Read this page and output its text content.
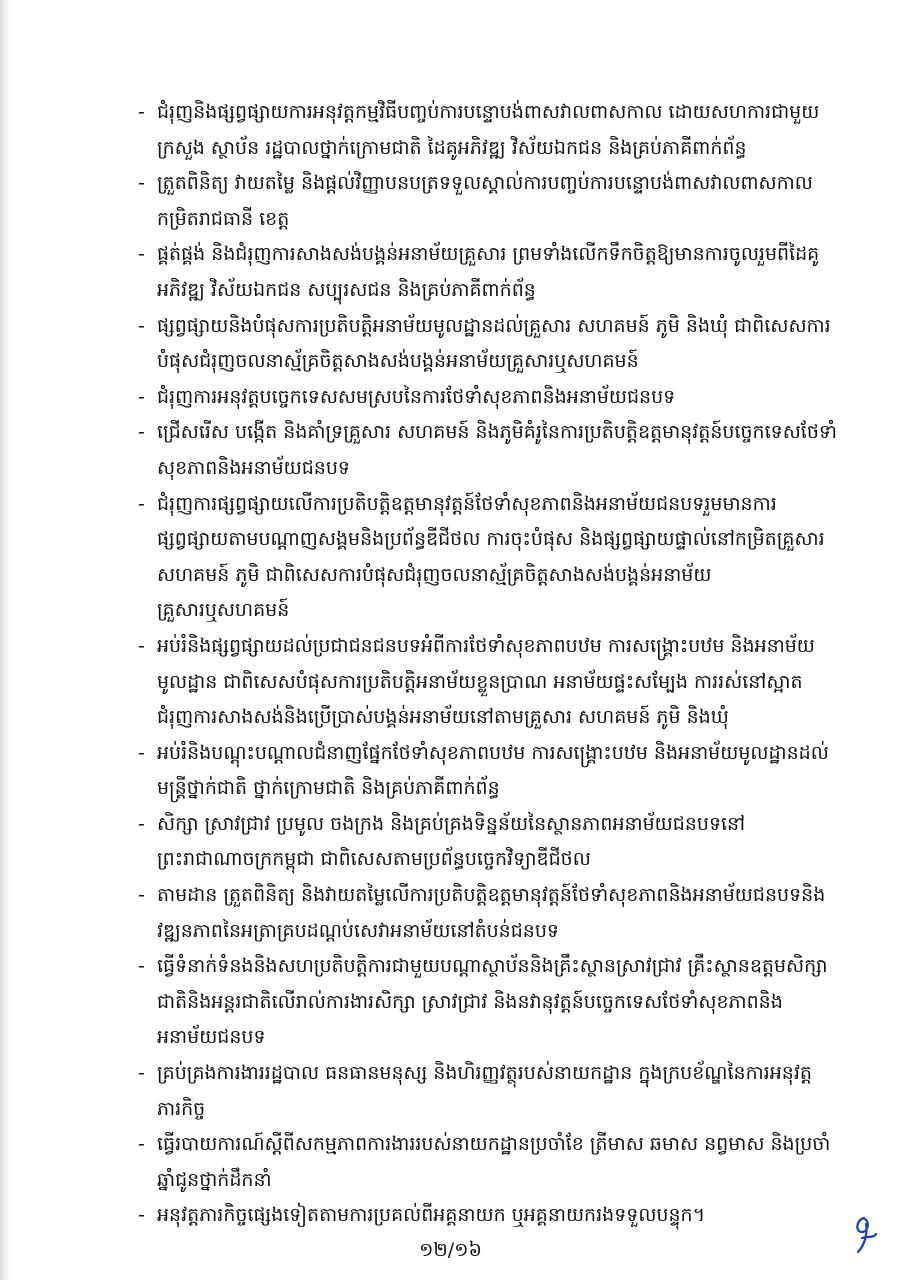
- ជំរុញនិងផ្សព្វផ្សាយការអនុវត្តកម្មវិធីបញ្ចប់ការបន្ទោបង់ពាសវាលពាសកាល ដោយសហការជាមួយក្រសួង ស្ថាប័ន រដ្ឋបាលថ្នាក់ក្រោមជាតិ ដៃគូអភិវឌ្ឍ វិស័យឯកជន និងគ្រប់ភាគីពាក់ព័ន្ធ

- ត្រួតពិនិត្យ វាយតម្លៃ និងផ្តល់វិញ្ញាបនបត្រទទួលស្គាល់ការបញ្ចប់ការបន្ទោបង់ពាសវាលពាសកាលកម្រិតរាជធានី ខេត្ត

- ផ្គត់ផ្គង់ និងជំរុញការសាងសង់បង្គន់អនាម័យគ្រួសារ ព្រមទាំងលើកទឹកចិត្តឱ្យមានការចូលរួមពីដៃគូអភិវឌ្ឍ វិស័យឯកជន សប្បុរសជន និងគ្រប់ភាគីពាក់ព័ន្ធ

- ផ្សព្វផ្សាយនិងបំផុសការប្រតិបត្តិអនាម័យមូលដ្ឋានដល់គ្រួសារ សហគមន៍ ភូមិ និងឃុំ ជាពិសេសការបំផុសជំរុញចលនាស្ម័គ្រចិត្តសាងសង់បង្គន់អនាម័យគ្រួសារឬសហគមន៍

- ជំរុញការអនុវត្តបច្ចេកទេសសមស្របនៃការថែទាំសុខភាពនិងអនាម័យជនបទ

- ជ្រើសរើស បង្កើត និងគាំទ្រគ្រួសារ សហគមន៍ និងភូមិគំរូនៃការប្រតិបត្តិឧត្តមានុវត្តន៍បច្ចេកទេសថែទាំសុខភាពនិងអនាម័យជនបទ

- ជំរុញការផ្សព្វផ្សាយលើការប្រតិបត្តិឧត្តមានុវត្តន៍ថែទាំសុខភាពនិងអនាម័យជនបទរួមមានការផ្សព្វផ្សាយតាមបណ្តាញសង្គមនិងប្រព័ន្ធឌីជីថល ការចុះបំផុស និងផ្សព្វផ្សាយផ្ទាល់នៅកម្រិតគ្រួសារ សហគមន៍ ភូមិ ជាពិសេសការបំផុសជំរុញចលនាស្ម័គ្រចិត្តសាងសង់បង្គន់អនាម័យគ្រួសារឬសហគមន៍

- អប់រំនិងផ្សព្វផ្សាយដល់ប្រជាជនជនបទអំពីការថែទាំសុខភាពបឋម ការសង្គ្រោះបឋម និងអនាម័យមូលដ្ឋាន ជាពិសេសបំផុសការប្រតិបត្តិអនាម័យខ្លួនប្រាណ អនាម័យផ្ទះសម្បែង ការរស់នៅស្អាតជំរុញការសាងសង់និងប្រើប្រាស់បង្គន់អនាម័យនៅតាមគ្រួសារ សហគមន៍ ភូមិ និងឃុំ

- អប់រំនិងបណ្តុះបណ្តាលជំនាញផ្នែកថែទាំសុខភាពបឋម ការសង្គ្រោះបឋម និងអនាម័យមូលដ្ឋានដល់មន្ត្រីថ្នាក់ជាតិ ថ្នាក់ក្រោមជាតិ និងគ្រប់ភាគីពាក់ព័ន្ធ

- សិក្សា ស្រាវជ្រាវ ប្រមូល ចងក្រង និងគ្រប់គ្រងទិន្នន័យនៃស្ថានភាពអនាម័យជនបទនៅព្រះរាជាណាចក្រកម្ពុជា ជាពិសេសតាមប្រព័ន្ធបច្ចេកវិទ្យាឌីជីថល

- តាមដាន ត្រួតពិនិត្យ និងវាយតម្លៃលើការប្រតិបត្តិឧត្តមានុវត្តន៍ថែទាំសុខភាពនិងអនាម័យជនបទនិងវឌ្ឍនភាពនៃអត្រាគ្របដណ្តប់សេវាអនាម័យនៅតំបន់ជនបទ

- ធ្វើទំនាក់ទំនងនិងសហប្រតិបត្តិការជាមួយបណ្តាស្ថាប័ននិងគ្រឹះស្ថានស្រាវជ្រាវ គ្រឹះស្ថានឧត្តមសិក្សាជាតិនិងអន្តរជាតិលើរាល់ការងារសិក្សា ស្រាវជ្រាវ និងនវានុវត្តន៍បច្ចេកទេសថែទាំសុខភាពនិងអនាម័យជនបទ

- គ្រប់គ្រងការងាររដ្ឋបាល ធនធានមនុស្ស និងហិរញ្ញវត្ថុរបស់នាយកដ្ឋាន ក្នុងក្របខ័ណ្ឌនៃការអនុវត្តភារកិច្ច

- ធ្វើរបាយការណ៍ស្តីពីសកម្មភាពការងាររបស់នាយកដ្ឋានប្រចាំខែ ត្រីមាស ឆមាស នព្វមាស និងប្រចាំឆ្នាំជូនថ្នាក់ដឹកនាំ

- អនុវត្តភារកិច្ចផ្សេងទៀតតាមការប្រគល់ពីអគ្គនាយក ឬអគ្គនាយករងទទួលបន្ទុក។

១២/១៦
